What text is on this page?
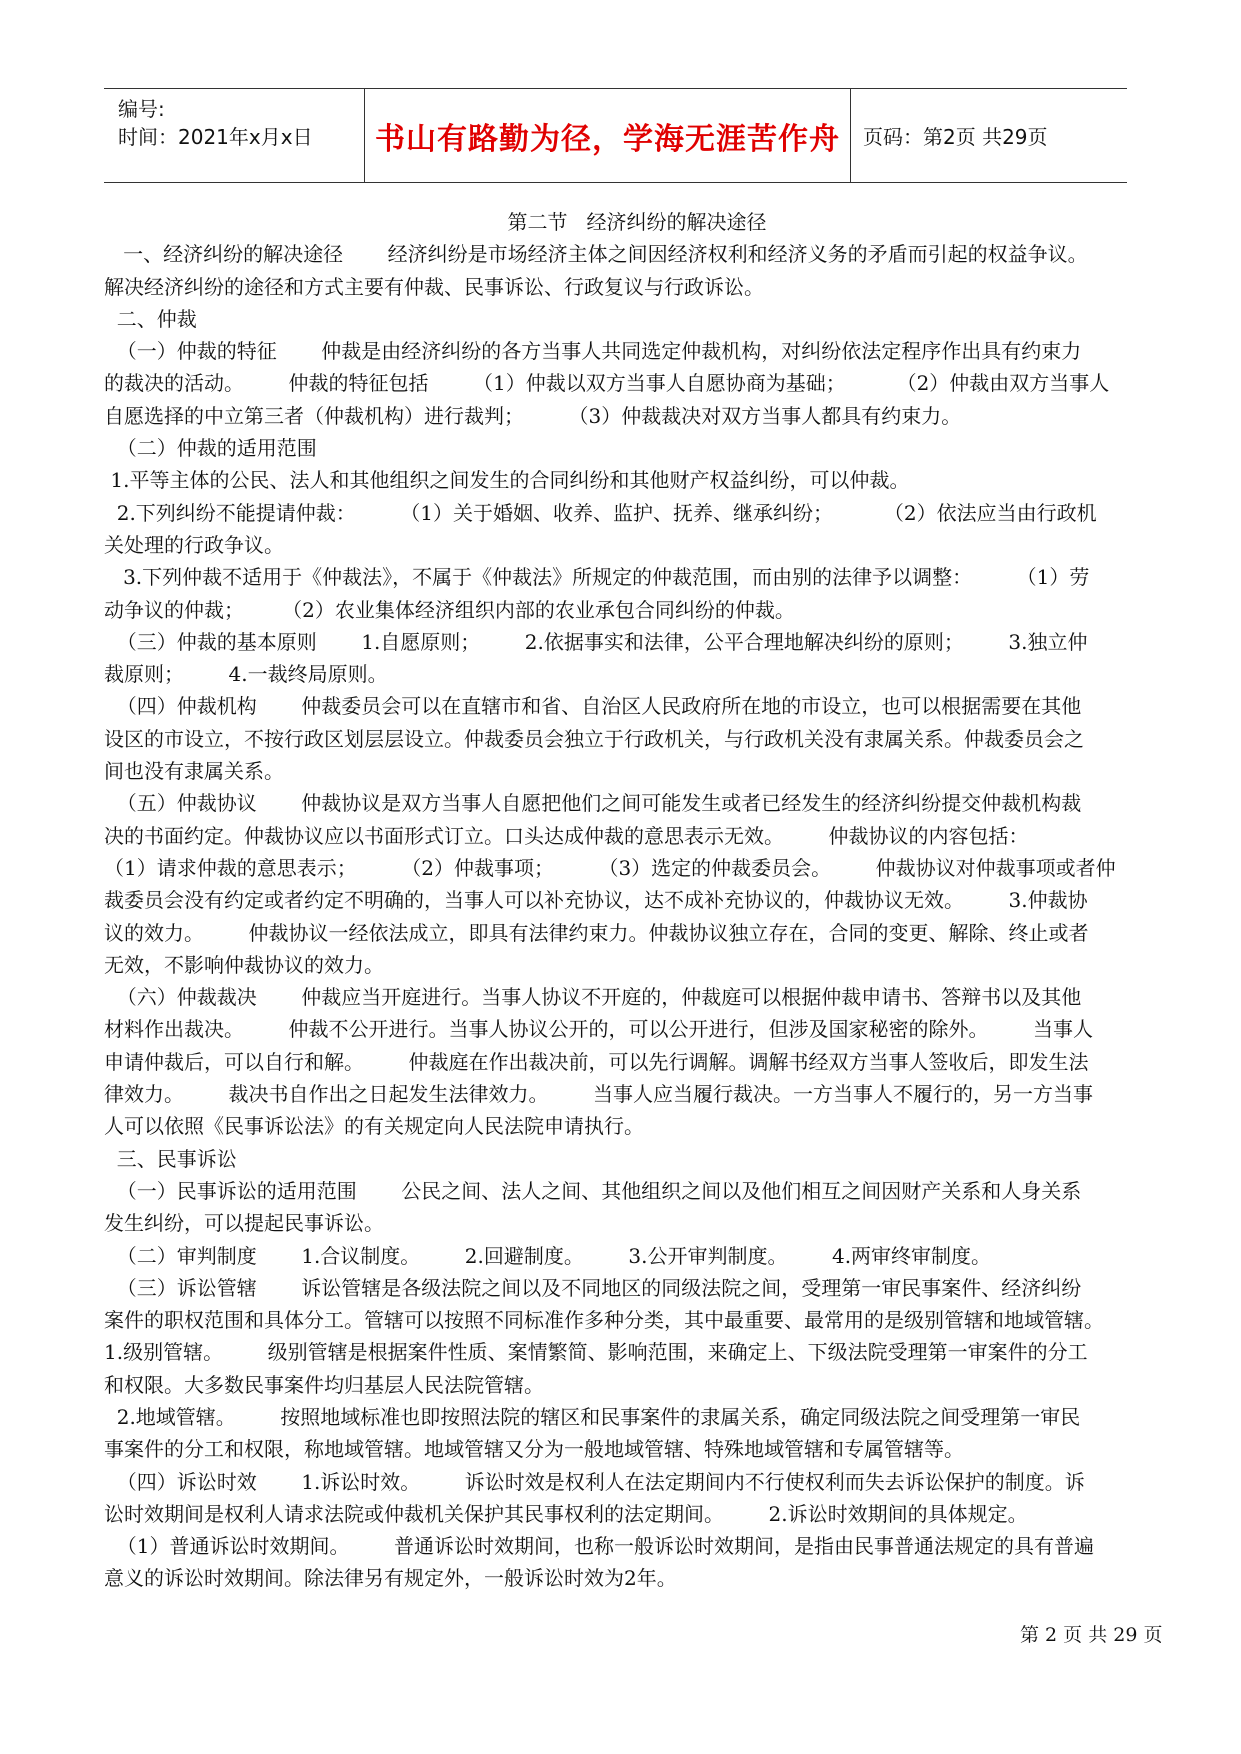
编号:
时间：2021年x月x日	书山有路勤为径，学海无涯苦作舟	页码：第2页 共29页

第二节   经济纠纷的解决途径

一、经济纠纷的解决途径       经济纠纷是市场经济主体之间因经济权利和经济义务的矛盾而引起的权益争议。

解决经济纠纷的途径和方式主要有仲裁、民事诉讼、行政复议与行政诉讼。

二、仲裁

（一）仲裁的特征       仲裁是由经济纠纷的各方当事人共同选定仲裁机构，对纠纷依法定程序作出具有约束力

的裁决的活动。       仲裁的特征包括       （1）仲裁以双方当事人自愿协商为基础；        （2）仲裁由双方当事人

自愿选择的中立第三者（仲裁机构）进行裁判；       （3）仲裁裁决对双方当事人都具有约束力。

（二）仲裁的适用范围

1.平等主体的公民、法人和其他组织之间发生的合同纠纷和其他财产权益纠纷，可以仲裁。

2.下列纠纷不能提请仲裁：       （1）关于婚姻、收养、监护、抚养、继承纠纷；        （2）依法应当由行政机

关处理的行政争议。

3.下列仲裁不适用于《仲裁法》，不属于《仲裁法》所规定的仲裁范围，而由别的法律予以调整：       （1）劳

动争议的仲裁；      （2）农业集体经济组织内部的农业承包合同纠纷的仲裁。

（三）仲裁的基本原则       1.自愿原则；       2.依据事实和法律，公平合理地解决纠纷的原则；       3.独立仲

裁原则；       4.一裁终局原则。

（四）仲裁机构       仲裁委员会可以在直辖市和省、自治区人民政府所在地的市设立，也可以根据需要在其他

设区的市设立，不按行政区划层层设立。仲裁委员会独立于行政机关，与行政机关没有隶属关系。仲裁委员会之

间也没有隶属关系。

（五）仲裁协议       仲裁协议是双方当事人自愿把他们之间可能发生或者已经发生的经济纠纷提交仲裁机构裁

决的书面约定。仲裁协议应以书面形式订立。口头达成仲裁的意思表示无效。       仲裁协议的内容包括：

（1）请求仲裁的意思表示；       （2）仲裁事项；       （3）选定的仲裁委员会。       仲裁协议对仲裁事项或者仲

裁委员会没有约定或者约定不明确的，当事人可以补充协议，达不成补充协议的，仲裁协议无效。       3.仲裁协

议的效力。       仲裁协议一经依法成立，即具有法律约束力。仲裁协议独立存在，合同的变更、解除、终止或者

无效，不影响仲裁协议的效力。

（六）仲裁裁决       仲裁应当开庭进行。当事人协议不开庭的，仲裁庭可以根据仲裁申请书、答辩书以及其他

材料作出裁决。       仲裁不公开进行。当事人协议公开的，可以公开进行，但涉及国家秘密的除外。       当事人

申请仲裁后，可以自行和解。       仲裁庭在作出裁决前，可以先行调解。调解书经双方当事人签收后，即发生法

律效力。       裁决书自作出之日起发生法律效力。       当事人应当履行裁决。一方当事人不履行的，另一方当事

人可以依照《民事诉讼法》的有关规定向人民法院申请执行。

三、民事诉讼

（一）民事诉讼的适用范围       公民之间、法人之间、其他组织之间以及他们相互之间因财产关系和人身关系

发生纠纷，可以提起民事诉讼。

（二）审判制度       1.合议制度。       2.回避制度。       3.公开审判制度。       4.两审终审制度。

（三）诉讼管辖       诉讼管辖是各级法院之间以及不同地区的同级法院之间，受理第一审民事案件、经济纠纷

案件的职权范围和具体分工。管辖可以按照不同标准作多种分类，其中最重要、最常用的是级别管辖和地域管辖。

1.级别管辖。       级别管辖是根据案件性质、案情繁简、影响范围，来确定上、下级法院受理第一审案件的分工

和权限。大多数民事案件均归基层人民法院管辖。

2.地域管辖。       按照地域标准也即按照法院的辖区和民事案件的隶属关系，确定同级法院之间受理第一审民

事案件的分工和权限，称地域管辖。地域管辖又分为一般地域管辖、特殊地域管辖和专属管辖等。

（四）诉讼时效       1.诉讼时效。       诉讼时效是权利人在法定期间内不行使权利而失去诉讼保护的制度。诉

讼时效期间是权利人请求法院或仲裁机关保护其民事权利的法定期间。       2.诉讼时效期间的具体规定。

（1）普通诉讼时效期间。       普通诉讼时效期间，也称一般诉讼时效期间，是指由民事普通法规定的具有普遍

意义的诉讼时效期间。除法律另有规定外，一般诉讼时效为2年。

第 2 页 共 29 页
